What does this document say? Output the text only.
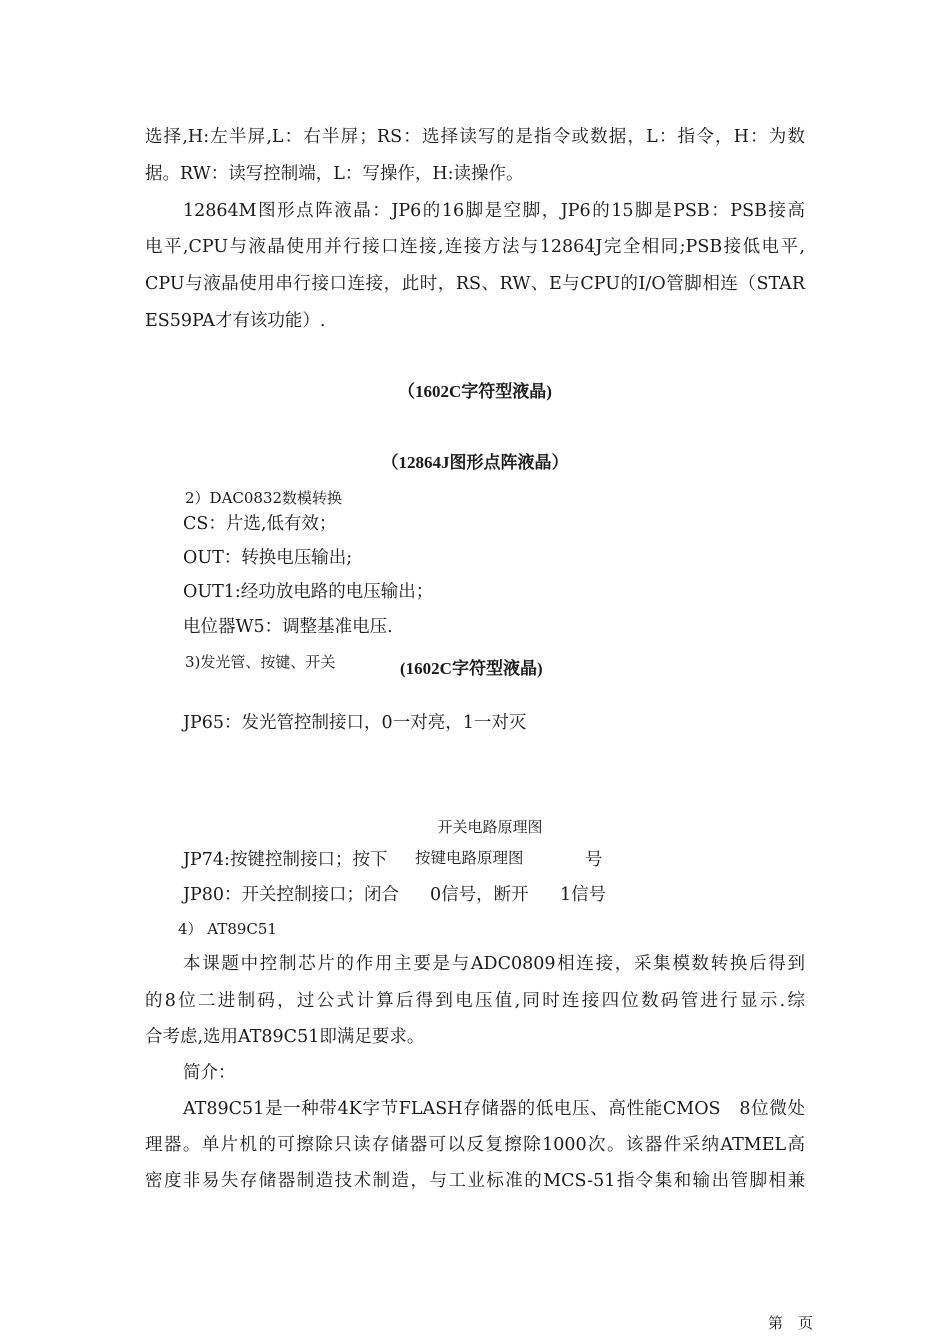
选择,H:左半屏,L：右半屏；RS：选择读写的是指令或数据，L：指令，H：为数
据。RW：读写控制端，L：写操作，H:读操作。
12864M图形点阵液晶：JP6的16脚是空脚，JP6的15脚是PSB：PSB接高
电平,CPU与液晶使用并行接口连接,连接方法与12864J完全相同;PSB接低电平,
CPU与液晶使用串行接口连接，此时，RS、RW、E与CPU的I/O管脚相连（STAR
ES59PA才有该功能）.
（1602C字符型液晶)
（12864J图形点阵液晶）
2）DAC0832数模转换
CS：片选,低有效；
OUT：转换电压输出;
OUT1:经功放电路的电压输出；
电位器W5：调整基准电压.
3)发光管、按键、开关	(1602C字符型液晶)
JP65：发光管控制接口，0一对亮，1一对灭
开关电路原理图
JP74:按键控制接口；按下 按键电路原理图	号
JP80：开关控制接口；闭合 0信号，断开 1信号
4） AT89C51
本课题中控制芯片的作用主要是与ADC0809相连接，采集模数转换后得到
的8位二进制码，过公式计算后得到电压值,同时连接四位数码管进行显示.综
合考虑,选用AT89C51即满足要求。
简介：
AT89C51是一种带4K字节FLASH存储器的低电压、高性能CMOS　8位微处
理器。单片机的可擦除只读存储器可以反复擦除1000次。该器件采纳ATMEL高
密度非易失存储器制造技术制造，与工业标准的MCS-51指令集和输出管脚相兼
第　页
